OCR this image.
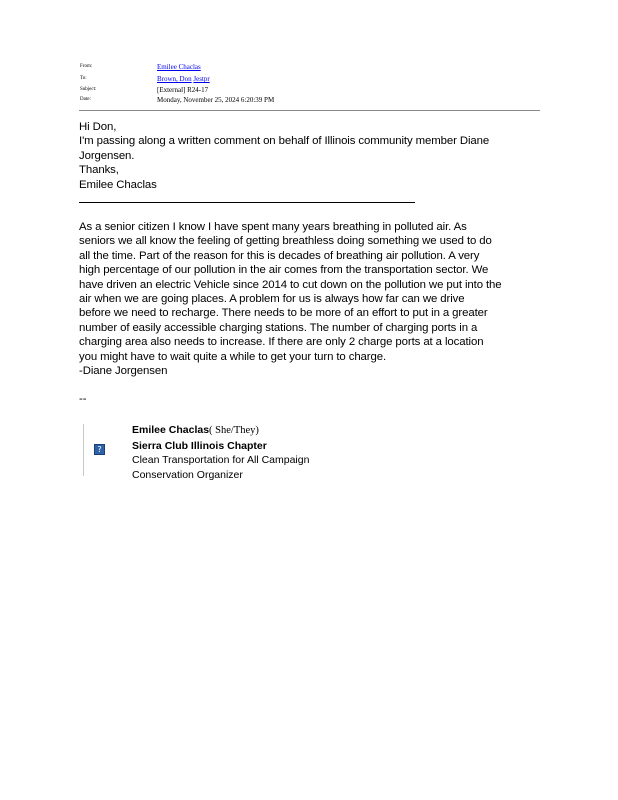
From:	Emilee Chaclas
To:	Brown, Don Jestpr
Subject:	[External] R24-17
Date:	Monday, November 25, 2024 6:20:39 PM
Hi Don,
I'm passing along a written comment on behalf of Illinois community member Diane
Jorgensen.
Thanks,
Emilee Chaclas
As a senior citizen I know I have spent many years breathing in polluted air. As
seniors we all know the feeling of getting breathless doing something we used to do
all the time. Part of the reason for this is decades of breathing air pollution. A very
high percentage of our pollution in the air comes from the transportation sector. We
have driven an electric Vehicle since 2014 to cut down on the pollution we put into the
air when we are going places. A problem for us is always how far can we drive
before we need to recharge. There needs to be more of an effort to put in a greater
number of easily accessible charging stations. The number of charging ports in a
charging area also needs to increase. If there are only 2 charge ports at a location
you might have to wait quite a while to get your turn to charge.
-Diane Jorgensen
--
?
Emilee Chaclas( She/They)
Sierra Club Illinois Chapter
Clean Transportation for All Campaign
Conservation Organizer
